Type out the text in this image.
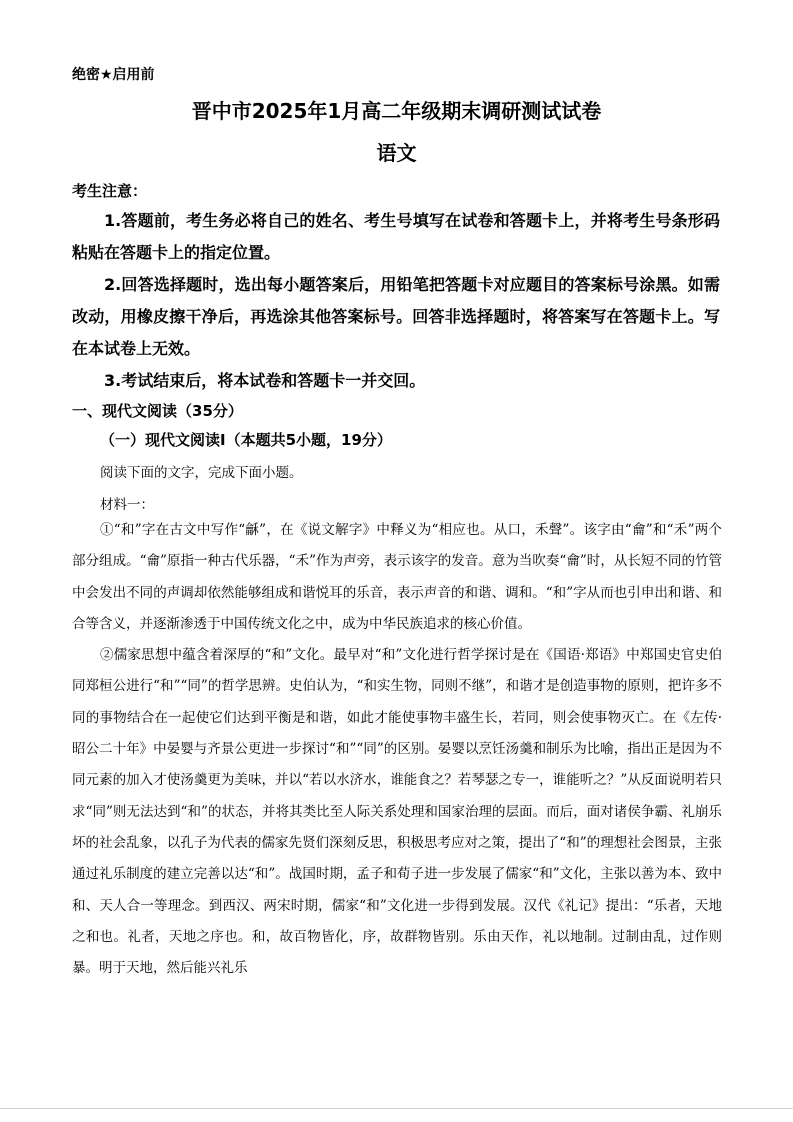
绝密★启用前
晋中市2025年1月高二年级期末调研测试试卷
语文
考生注意：

1.答题前，考生务必将自己的姓名、考生号填写在试卷和答题卡上，并将考生号条形码粘贴在答题卡上的指定位置。

2.回答选择题时，选出每小题答案后，用铅笔把答题卡对应题目的答案标号涂黑。如需改动，用橡皮擦干净后，再选涂其他答案标号。回答非选择题时，将答案写在答题卡上。写在本试卷上无效。

3.考试结束后，将本试卷和答题卡一并交回。

一、现代文阅读（35分）
（一）现代文阅读Ⅰ（本题共5小题，19分）
阅读下面的文字，完成下面小题。
材料一：

①“和”字在古文中写作“龢”，在《说文解字》中释义为“相应也。从口，禾聲”。该字由“龠”和“禾”两个部分组成。“龠”原指一种古代乐器，“禾”作为声旁，表示该字的发音。意为当吹奏“龠”时，从长短不同的竹管中会发出不同的声调却依然能够组成和谐悦耳的乐音，表示声音的和谐、调和。“和”字从而也引申出和谐、和合等含义，并逐渐渗透于中国传统文化之中，成为中华民族追求的核心价值。

②儒家思想中蕴含着深厚的“和”文化。最早对“和”文化进行哲学探讨是在《国语·郑语》中郑国史官史伯同郑桓公进行“和”“同”的哲学思辨。史伯认为，“和实生物，同则不继”，和谐才是创造事物的原则，把许多不同的事物结合在一起使它们达到平衡是和谐，如此才能使事物丰盛生长，若同，则会使事物灭亡。在《左传·昭公二十年》中晏婴与齐景公更进一步探讨“和”“同”的区别。晏婴以烹饪汤羹和制乐为比喻，指出正是因为不同元素的加入才使汤羹更为美味，并以“若以水济水，谁能食之？若琴瑟之专一，谁能听之？”从反面说明若只求“同”则无法达到“和”的状态，并将其类比至人际关系处理和国家治理的层面。而后，面对诸侯争霸、礼崩乐坏的社会乱象，以孔子为代表的儒家先贤们深刻反思，积极思考应对之策，提出了“和”的理想社会图景，主张通过礼乐制度的建立完善以达“和”。战国时期，孟子和荀子进一步发展了儒家“和”文化，主张以善为本、致中和、天人合一等理念。到西汉、两宋时期，儒家“和”文化进一步得到发展。汉代《礼记》提出：“乐者，天地之和也。礼者，天地之序也。和，故百物皆化，序，故群物皆别。乐由天作，礼以地制。过制由乱，过作则暴。明于天地，然后能兴礼乐
